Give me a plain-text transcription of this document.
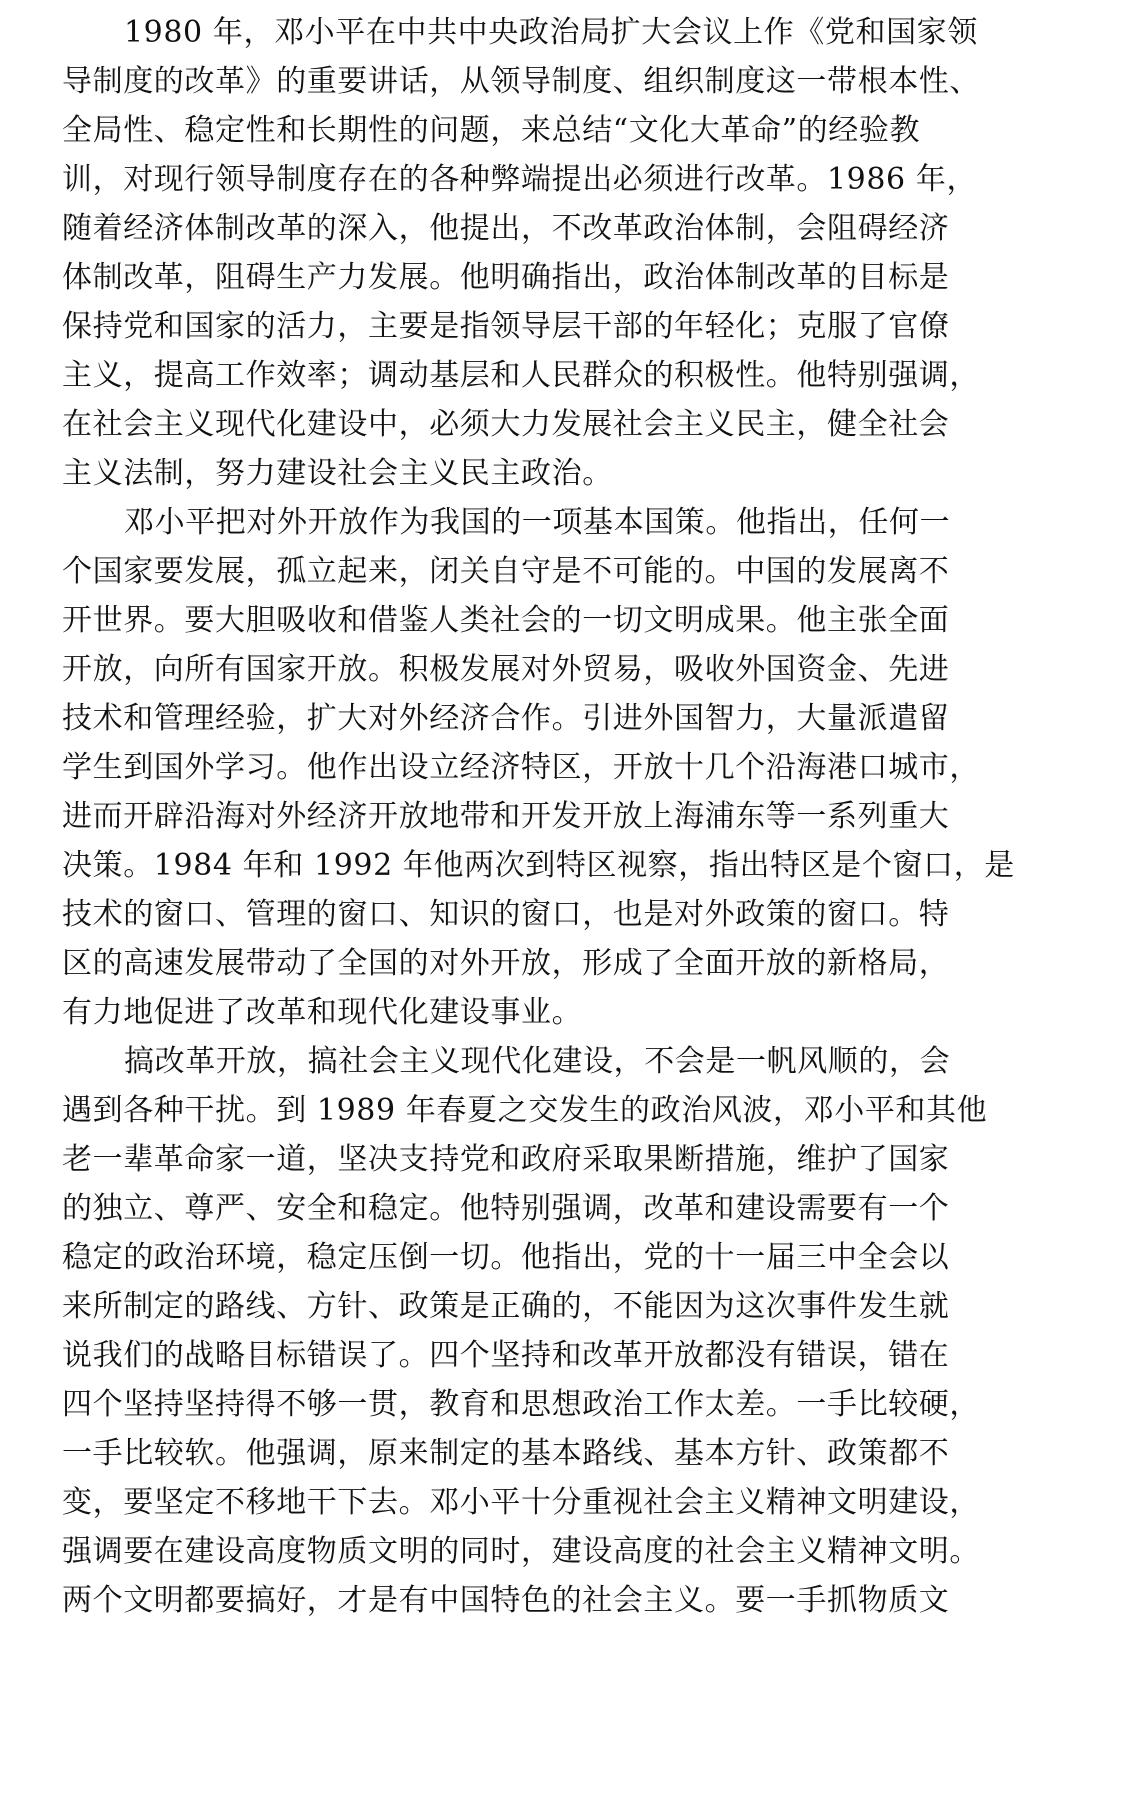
1980 年，邓小平在中共中央政治局扩大会议上作《党和国家领
导制度的改革》的重要讲话，从领导制度、组织制度这一带根本性、
全局性、稳定性和长期性的问题，来总结“文化大革命”的经验教
训，对现行领导制度存在的各种弊端提出必须进行改革。1986 年，
随着经济体制改革的深入，他提出，不改革政治体制，会阻碍经济
体制改革，阻碍生产力发展。他明确指出，政治体制改革的目标是
保持党和国家的活力，主要是指领导层干部的年轻化；克服了官僚
主义，提高工作效率；调动基层和人民群众的积极性。他特别强调，
在社会主义现代化建设中，必须大力发展社会主义民主，健全社会
主义法制，努力建设社会主义民主政治。
邓小平把对外开放作为我国的一项基本国策。他指出，任何一
个国家要发展，孤立起来，闭关自守是不可能的。中国的发展离不
开世界。要大胆吸收和借鉴人类社会的一切文明成果。他主张全面
开放，向所有国家开放。积极发展对外贸易，吸收外国资金、先进
技术和管理经验，扩大对外经济合作。引进外国智力，大量派遣留
学生到国外学习。他作出设立经济特区，开放十几个沿海港口城市，
进而开辟沿海对外经济开放地带和开发开放上海浦东等一系列重大
决策。1984 年和 1992 年他两次到特区视察，指出特区是个窗口，是
技术的窗口、管理的窗口、知识的窗口，也是对外政策的窗口。特
区的高速发展带动了全国的对外开放，形成了全面开放的新格局，
有力地促进了改革和现代化建设事业。
搞改革开放，搞社会主义现代化建设，不会是一帆风顺的，会
遇到各种干扰。到 1989 年春夏之交发生的政治风波，邓小平和其他
老一辈革命家一道，坚决支持党和政府采取果断措施，维护了国家
的独立、尊严、安全和稳定。他特别强调，改革和建设需要有一个
稳定的政治环境，稳定压倒一切。他指出，党的十一届三中全会以
来所制定的路线、方针、政策是正确的，不能因为这次事件发生就
说我们的战略目标错误了。四个坚持和改革开放都没有错误，错在
四个坚持坚持得不够一贯，教育和思想政治工作太差。一手比较硬，
一手比较软。他强调，原来制定的基本路线、基本方针、政策都不
变，要坚定不移地干下去。邓小平十分重视社会主义精神文明建设，
强调要在建设高度物质文明的同时，建设高度的社会主义精神文明。
两个文明都要搞好，才是有中国特色的社会主义。要一手抓物质文
